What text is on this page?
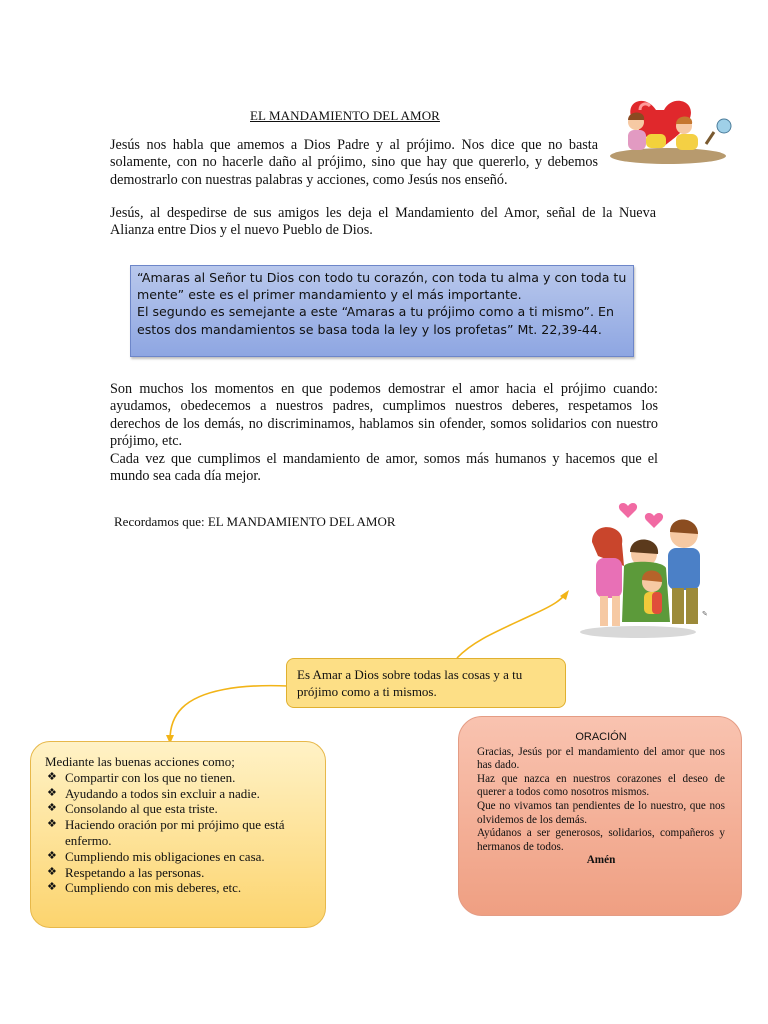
✎
EL MANDAMIENTO DEL AMOR
Jesús nos habla que amemos a Dios Padre y al prójimo. Nos dice que no basta solamente, con no hacerle daño al prójimo, sino que hay que quererlo, y debemos demostrarlo con nuestras palabras y acciones, como Jesús nos enseñó.
Jesús, al despedirse de sus amigos les deja el Mandamiento del Amor, señal de la Nueva Alianza entre Dios y el nuevo Pueblo de Dios.
“Amaras al Señor tu Dios con todo tu corazón, con toda tu alma y con toda tu mente” este es el primer mandamiento y el más importante.
El segundo es semejante a este “Amaras a tu prójimo como a ti mismo”. En estos dos mandamientos se basa toda la ley y los profetas” Mt. 22,39-44.
Son muchos los momentos en que podemos demostrar el amor hacia el prójimo cuando: ayudamos, obedecemos a nuestros padres, cumplimos nuestros deberes, respetamos los derechos de los demás, no discriminamos, hablamos sin ofender, somos solidarios con nuestro prójimo, etc.
Cada vez que cumplimos el mandamiento de amor, somos más humanos y hacemos que el mundo sea cada día mejor.
Recordamos que: EL MANDAMIENTO DEL AMOR
Es Amar a Dios sobre todas las cosas y a tu prójimo como a ti mismos.
Mediante las buenas acciones como;
❖ Compartir con los que no tienen.
❖ Ayudando a todos sin excluir a nadie.
❖ Consolando al que esta triste.
❖ Haciendo oración por mi prójimo que está enfermo.
❖ Cumpliendo mis obligaciones en casa.
❖ Respetando a las personas.
❖ Cumpliendo con mis deberes, etc.
ORACIÓN
Gracias, Jesús por el mandamiento del amor que nos has dado.
Haz que nazca en nuestros corazones el deseo de querer a todos como nosotros mismos.
Que no vivamos tan pendientes de lo nuestro, que nos olvidemos de los demás.
Ayúdanos a ser generosos, solidarios, compañeros y hermanos de todos.
Amén
